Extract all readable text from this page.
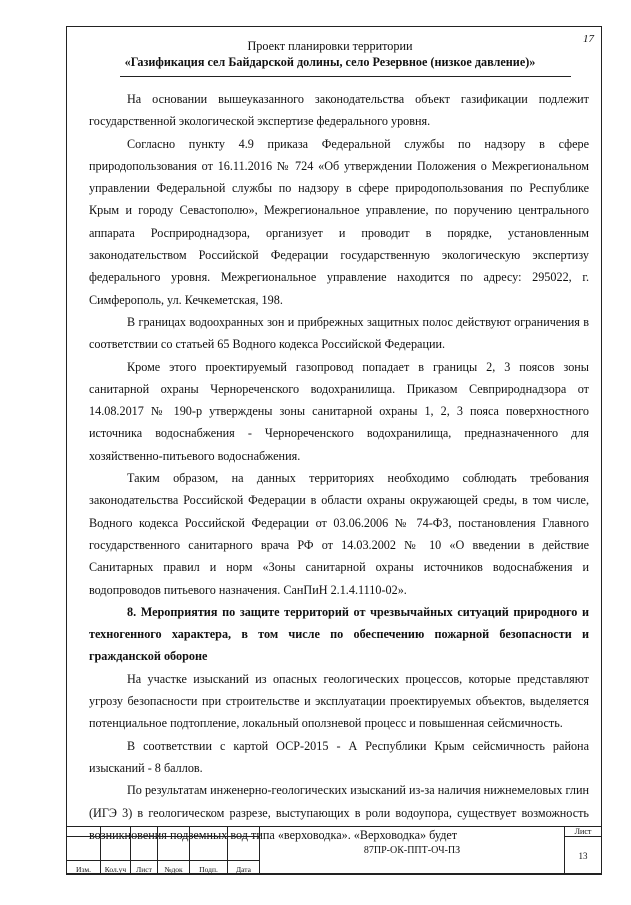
17
Проект планировки территории
«Газификация сел Байдарской долины, село Резервное (низкое давление)»

На основании вышеуказанного законодательства объект газификации подлежит государственной экологической экспертизе федерального уровня.

Согласно пункту 4.9 приказа Федеральной службы по надзору в сфере природопользования от 16.11.2016 № 724 «Об утверждении Положения о Межрегиональном управлении Федеральной службы по надзору в сфере природопользования по Республике Крым и городу Севастополю», Межрегиональное управление, по поручению центрального аппарата Росприроднадзора, организует и проводит в порядке, установленным законодательством Российской Федерации государственную экологическую экспертизу федерального уровня. Межрегиональное управление находится по адресу: 295022, г. Симферополь, ул. Кечкеметская, 198.

В границах водоохранных зон и прибрежных защитных полос действуют ограничения в соответствии со статьей 65 Водного кодекса Российской Федерации.

Кроме этого проектируемый газопровод попадает в границы 2, 3 поясов зоны санитарной охраны Чернореченского водохранилища. Приказом Севприроднадзора от 14.08.2017 № 190-р утверждены зоны санитарной охраны 1, 2, 3 пояса поверхностного источника водоснабжения - Чернореченского водохранилища, предназначенного для хозяйственно-питьевого водоснабжения.

Таким образом, на данных территориях необходимо соблюдать требования законодательства Российской Федерации в области охраны окружающей среды, в том числе, Водного кодекса Российской Федерации от 03.06.2006 № 74-ФЗ, постановления Главного государственного санитарного врача РФ от 14.03.2002 № 10 «О введении в действие Санитарных правил и норм «Зоны санитарной охраны источников водоснабжения и водопроводов питьевого назначения. СанПиН 2.1.4.1110-02».

8. Мероприятия по защите территорий от чрезвычайных ситуаций природного и техногенного характера, в том числе по обеспечению пожарной безопасности и гражданской обороне

На участке изысканий из опасных геологических процессов, которые представляют угрозу безопасности при строительстве и эксплуатации проектируемых объектов, выделяется потенциальное подтопление, локальный оползневой процесс и повышенная сейсмичность.

В соответствии с картой ОСР-2015 - А Республики Крым сейсмичность района изысканий - 8 баллов.

По результатам инженерно-геологических изысканий из-за наличия нижнемеловых глин (ИГЭ 3) в геологическом разрезе, выступающих в роли водоупора, существует возможность возникновения подземных вод типа «верховодка». «Верховодка» будет

						87ПР-ОК-ППТ-ОЧ-ПЗ	Лист
							13
Изм.	Кол.уч	Лист	№док	Подп.	Дата		
